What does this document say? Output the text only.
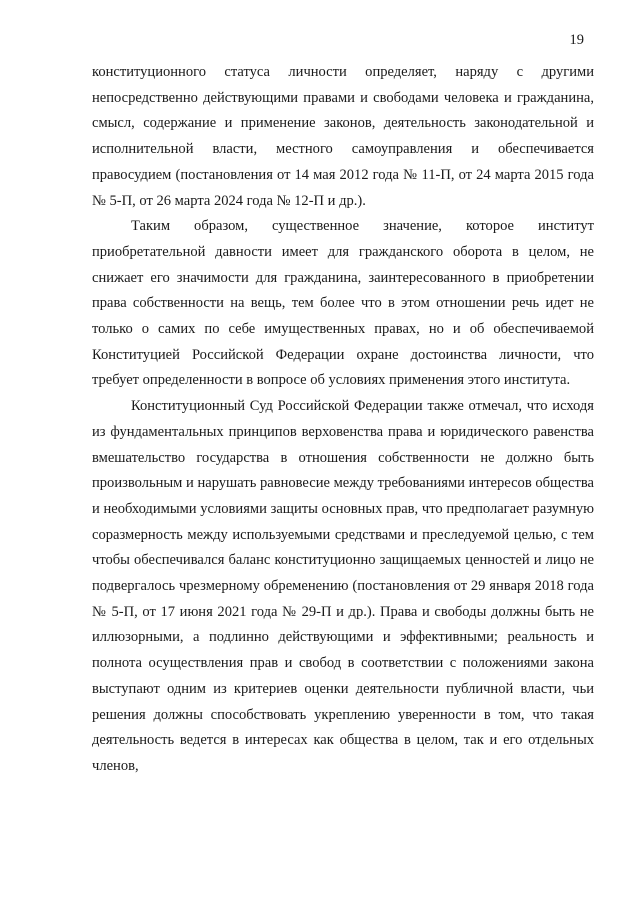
19

конституционного статуса личности определяет, наряду с другими непосредственно действующими правами и свободами человека и гражданина, смысл, содержание и применение законов, деятельность законодательной и исполнительной власти, местного самоуправления и обеспечивается правосудием (постановления от 14 мая 2012 года № 11-П, от 24 марта 2015 года № 5-П, от 26 марта 2024 года № 12-П и др.).

Таким образом, существенное значение, которое институт приобретательной давности имеет для гражданского оборота в целом, не снижает его значимости для гражданина, заинтересованного в приобретении права собственности на вещь, тем более что в этом отношении речь идет не только о самих по себе имущественных правах, но и об обеспечиваемой Конституцией Российской Федерации охране достоинства личности, что требует определенности в вопросе об условиях применения этого института.

Конституционный Суд Российской Федерации также отмечал, что исходя из фундаментальных принципов верховенства права и юридического равенства вмешательство государства в отношения собственности не должно быть произвольным и нарушать равновесие между требованиями интересов общества и необходимыми условиями защиты основных прав, что предполагает разумную соразмерность между используемыми средствами и преследуемой целью, с тем чтобы обеспечивался баланс конституционно защищаемых ценностей и лицо не подвергалось чрезмерному обременению (постановления от 29 января 2018 года № 5-П, от 17 июня 2021 года № 29-П и др.). Права и свободы должны быть не иллюзорными, а подлинно действующими и эффективными; реальность и полнота осуществления прав и свобод в соответствии с положениями закона выступают одним из критериев оценки деятельности публичной власти, чьи решения должны способствовать укреплению уверенности в том, что такая деятельность ведется в интересах как общества в целом, так и его отдельных членов,
